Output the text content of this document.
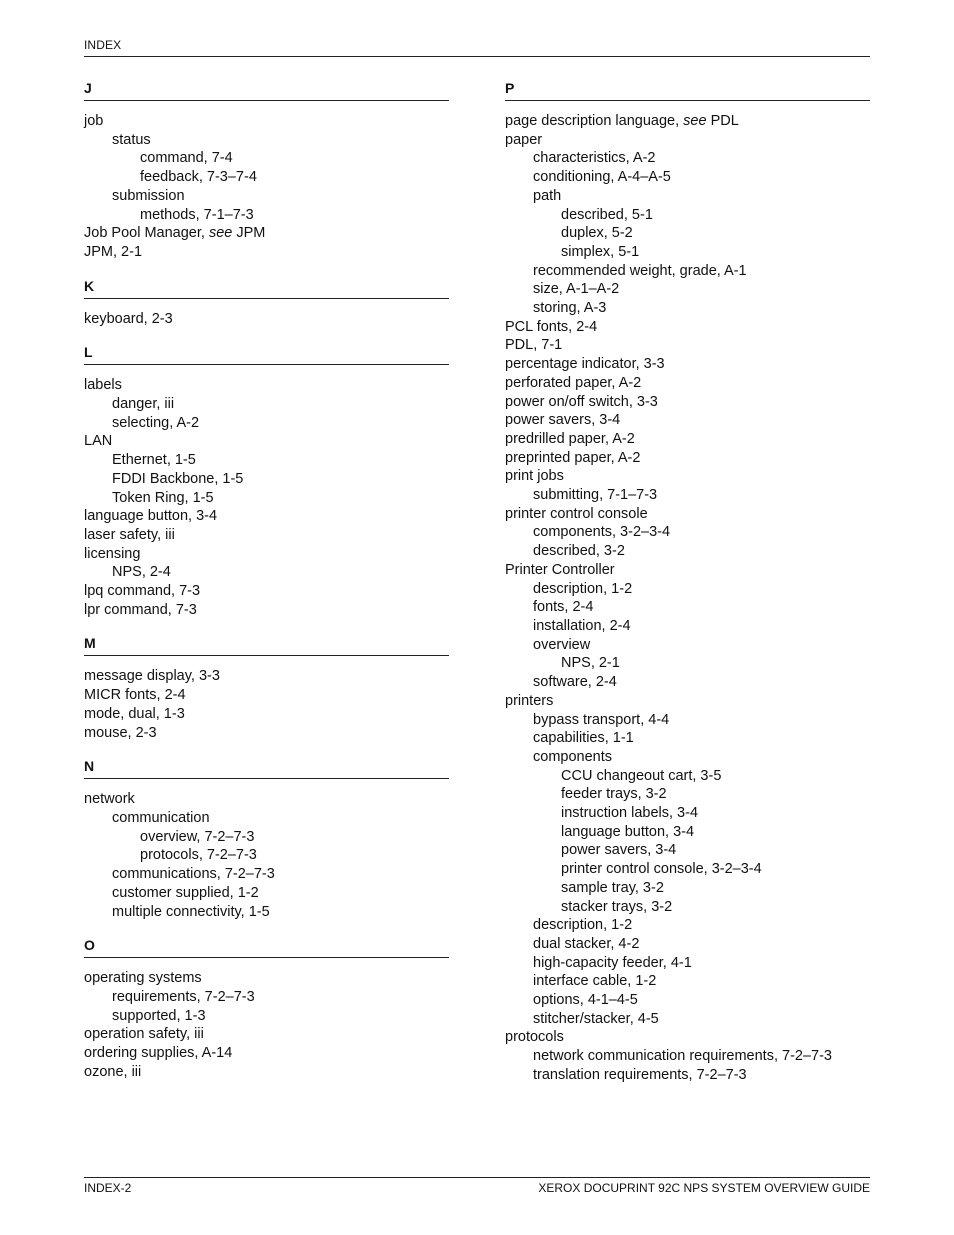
INDEX
J
job
status
command, 7-4
feedback, 7-3–7-4
submission
methods, 7-1–7-3
Job Pool Manager, see JPM
JPM, 2-1
K
keyboard, 2-3
L
labels
danger, iii
selecting, A-2
LAN
Ethernet, 1-5
FDDI Backbone, 1-5
Token Ring, 1-5
language button, 3-4
laser safety, iii
licensing
NPS, 2-4
lpq command, 7-3
lpr command, 7-3
M
message display, 3-3
MICR fonts, 2-4
mode, dual, 1-3
mouse, 2-3
N
network
communication
overview, 7-2–7-3
protocols, 7-2–7-3
communications, 7-2–7-3
customer supplied, 1-2
multiple connectivity, 1-5
O
operating systems
requirements, 7-2–7-3
supported, 1-3
operation safety, iii
ordering supplies, A-14
ozone, iii
P
page description language, see PDL
paper
characteristics, A-2
conditioning, A-4–A-5
path
described, 5-1
duplex, 5-2
simplex, 5-1
recommended weight, grade, A-1
size, A-1–A-2
storing, A-3
PCL fonts, 2-4
PDL, 7-1
percentage indicator, 3-3
perforated paper, A-2
power on/off switch, 3-3
power savers, 3-4
predrilled paper, A-2
preprinted paper, A-2
print jobs
submitting, 7-1–7-3
printer control console
components, 3-2–3-4
described, 3-2
Printer Controller
description, 1-2
fonts, 2-4
installation, 2-4
overview
NPS, 2-1
software, 2-4
printers
bypass transport, 4-4
capabilities, 1-1
components
CCU changeout cart, 3-5
feeder trays, 3-2
instruction labels, 3-4
language button, 3-4
power savers, 3-4
printer control console, 3-2–3-4
sample tray, 3-2
stacker trays, 3-2
description, 1-2
dual stacker, 4-2
high-capacity feeder, 4-1
interface cable, 1-2
options, 4-1–4-5
stitcher/stacker, 4-5
protocols
network communication requirements, 7-2–7-3
translation requirements, 7-2–7-3
INDEX-2	XEROX DOCUPRINT 92C NPS SYSTEM OVERVIEW GUIDE
